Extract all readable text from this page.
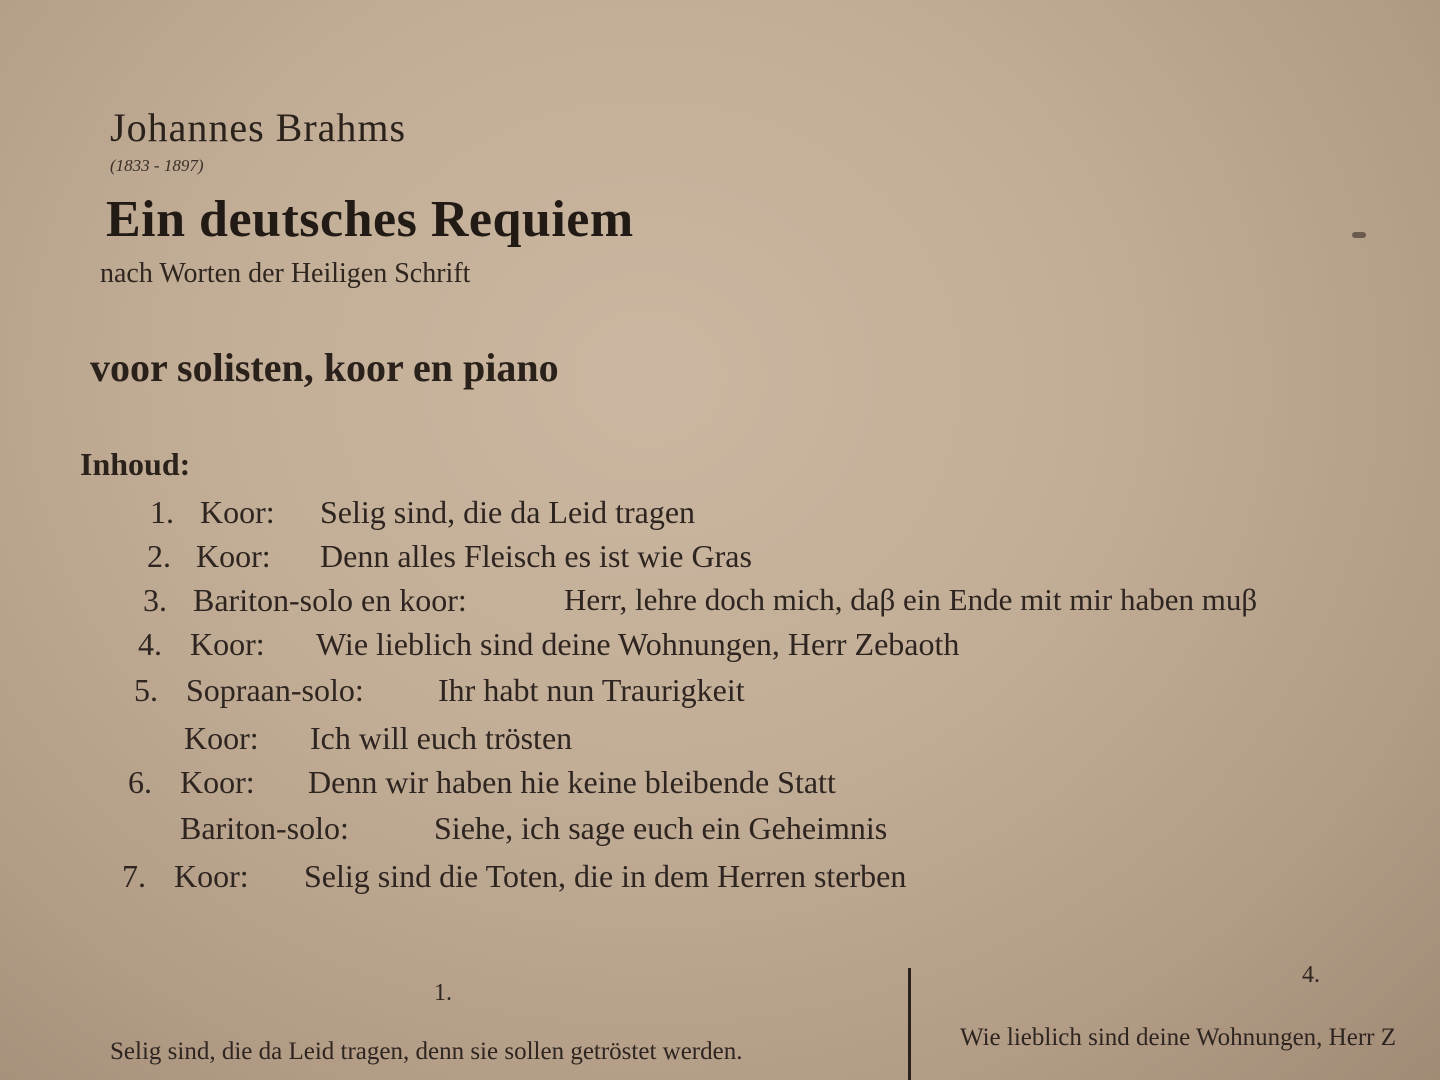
Johannes Brahms
(1833 - 1897)
Ein deutsches Requiem
nach Worten der Heiligen Schrift
voor solisten, koor en piano
Inhoud:
1. Koor: Selig sind, die da Leid tragen
2. Koor: Denn alles Fleisch es ist wie Gras
3. Bariton-solo en koor:	Herr, lehre doch mich, daβ ein Ende mit mir haben muβ
4. Koor: Wie lieblich sind deine Wohnungen, Herr Zebaoth
5. Sopraan-solo: Ihr habt nun Traurigkeit
Koor: Ich will euch trösten
6. Koor: Denn wir haben hie keine bleibende Statt
Bariton-solo:	Siehe, ich sage euch ein Geheimnis
7. Koor: Selig sind die Toten, die in dem Herren sterben
1.
Selig sind, die da Leid tragen, denn sie sollen getröstet werden.
4.
Wie lieblich sind deine Wohnungen, Herr Z
